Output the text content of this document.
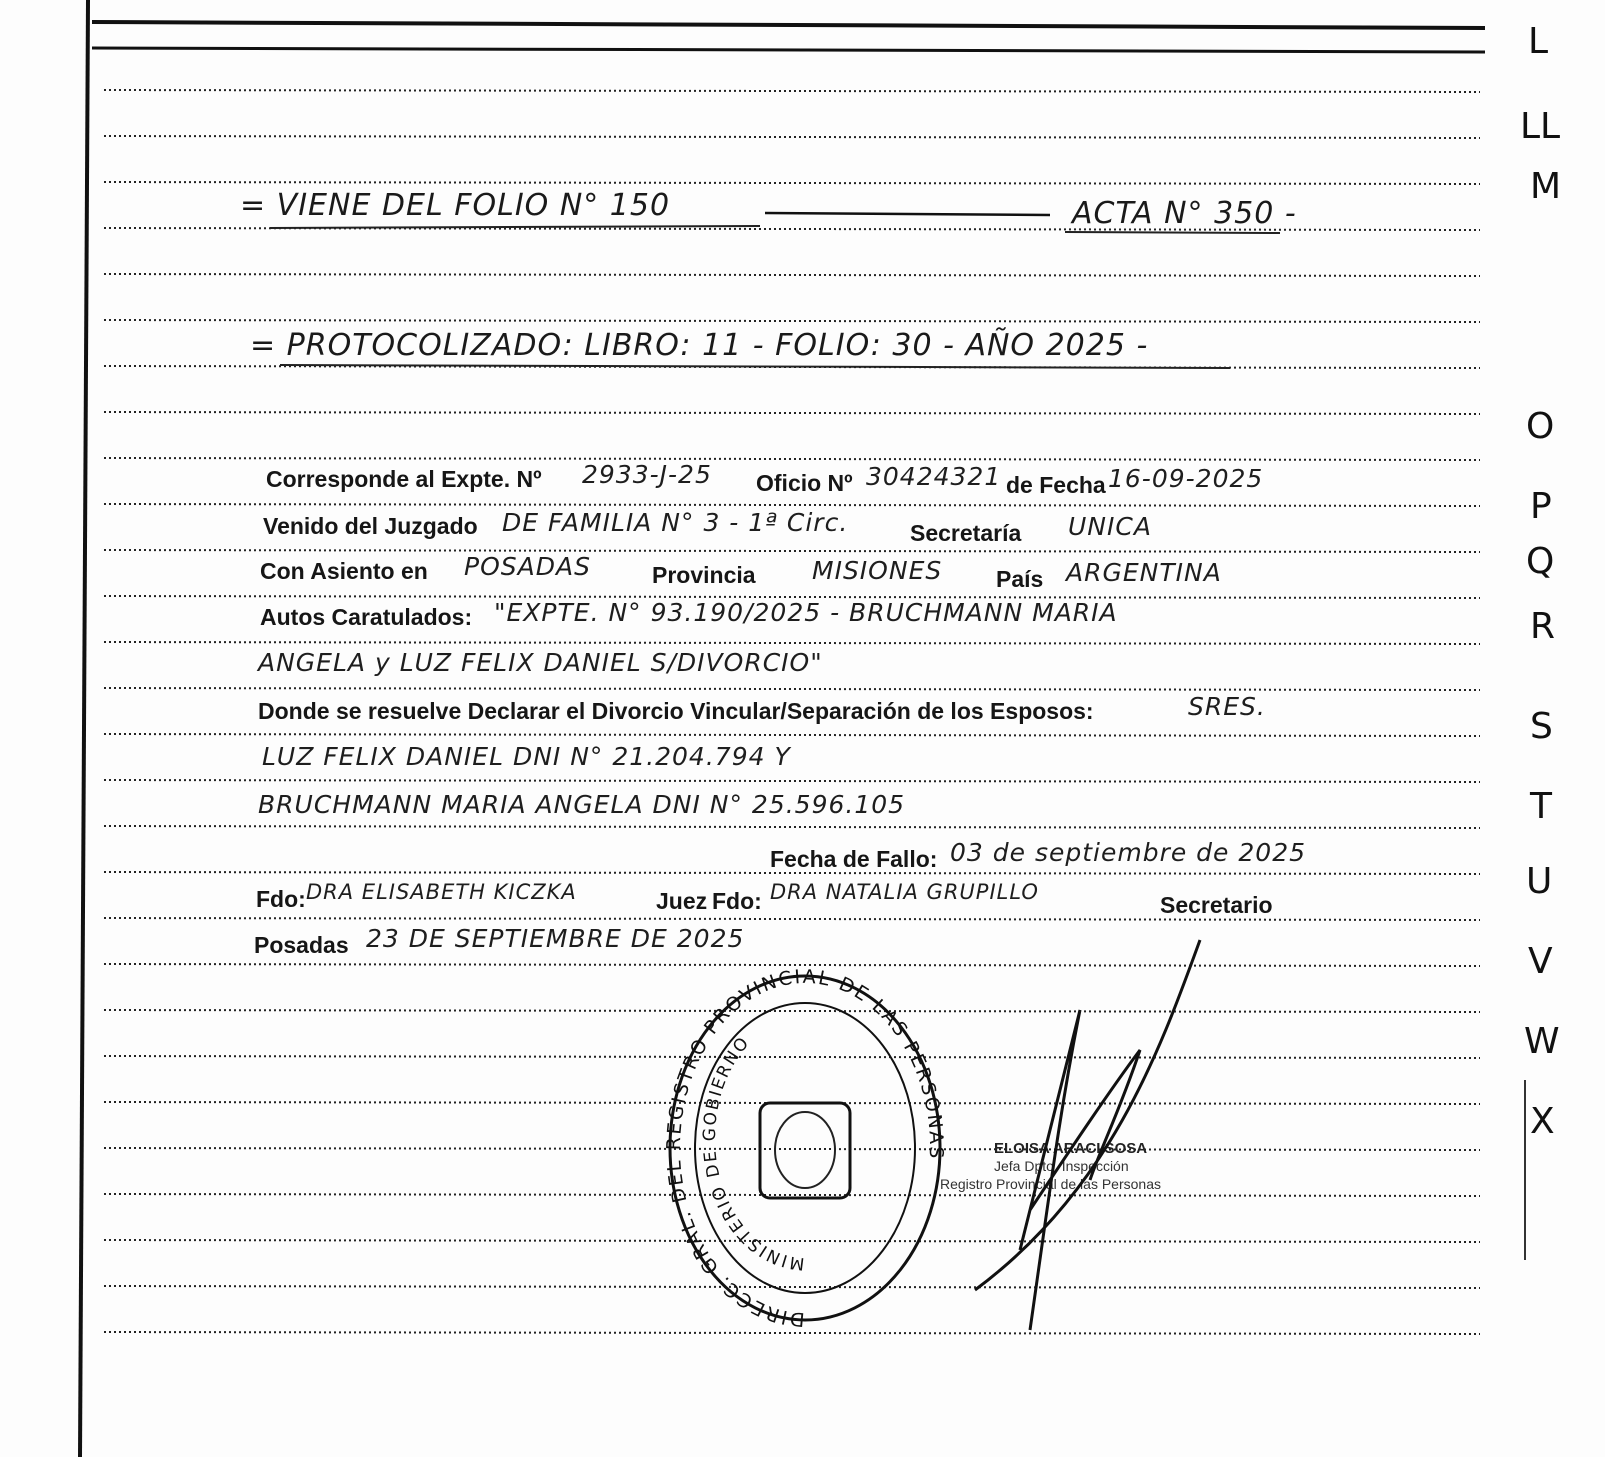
= VIENE DEL FOLIO N° 150	ACTA N° 350 -
= PROTOCOLIZADO: LIBRO: 11 - FOLIO: 30 - AÑO 2025 -
Corresponde al Expte. Nº 2933-J-25 Oficio Nº 30424321 de Fecha 16-09-2025
Venido del Juzgado DE FAMILIA N° 3 - 1ª Circ.	Secretaría UNICA
Con Asiento en POSADAS	Provincia MISIONES País ARGENTINA
Autos Caratulados: "EXPTE. N° 93.190/2025 - BRUCHMANN MARIA
ANGELA y LUZ FELIX DANIEL S/DIVORCIO"
Donde se resuelve Declarar el Divorcio Vincular/Separación de los Esposos:	SRES.
LUZ FELIX DANIEL DNI N° 21.204.794 Y
BRUCHMANN MARIA ANGELA DNI N° 25.596.105
Fecha de Fallo: 03 de septiembre de 2025
Fdo: DRA ELISABETH KICZKA	Juez Fdo: DRA NATALIA GRUPILLO	Secretario
Posadas 23 DE SEPTIEMBRE DE 2025
DIRECC. GRAL. DEL REGISTRO PROVINCIAL DE LAS PERSONAS
MINISTERIO DE GOBIERNO
ELOISA ARACI SOSA
Jefa Dpto. Inspección
Registro Provincial de las Personas
L
LL
M
O
P
Q
R
S
T
U
V
W
X
